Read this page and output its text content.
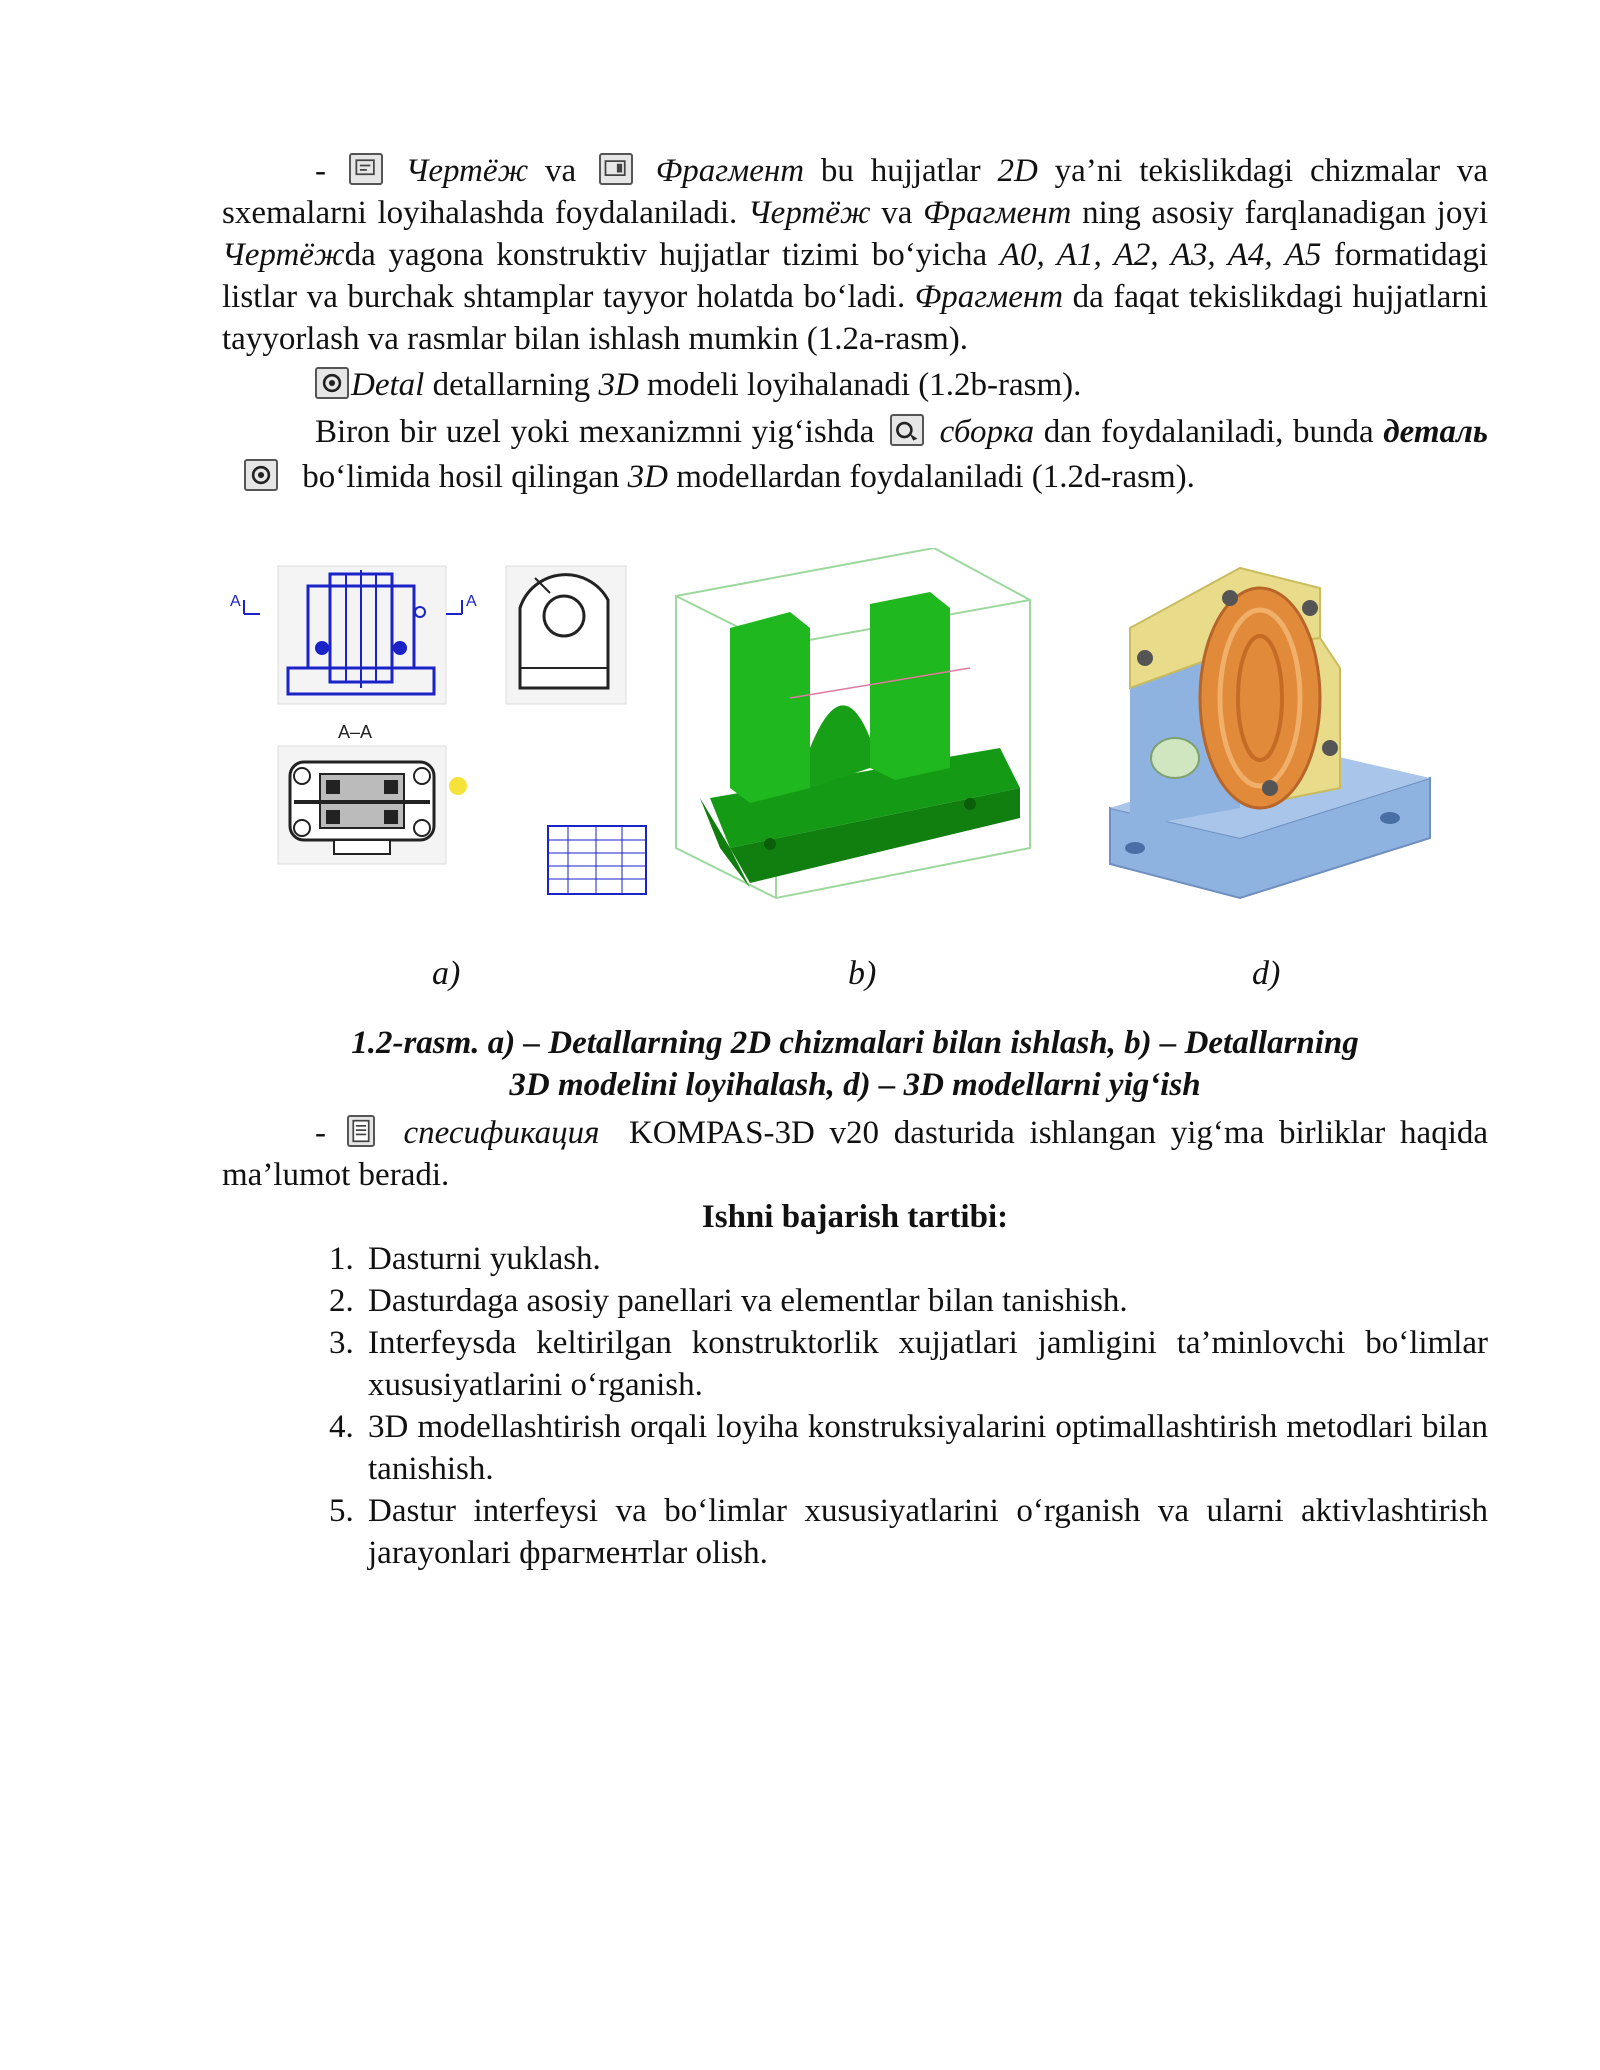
- Чертёж va Фрагмент bu hujjatlar 2D ya’ni tekislikdagi chizmalar va sxemalarni loyihalashda foydalaniladi. Чертёж va Фрагмент ning asosiy farqlanadigan joyi Чертёжda yagona konstruktiv hujjatlar tizimi bo‘yicha A0, A1, A2, A3, A4, A5 formatidagi listlar va burchak shtamplar tayyor holatda bo‘ladi. Фрагмент da faqat tekislikdagi hujjatlarni tayyorlash va rasmlar bilan ishlash mumkin (1.2a-rasm).

Detal detallarning 3D modeli loyihalanadi (1.2b-rasm).

Biron bir uzel yoki mexanizmni yig‘ishda сборка dan foydalaniladi, bunda деталь
bo‘limida hosil qilingan 3D modellardan foydalaniladi (1.2d-rasm).

A	A
A–A
a)	b)	d)
1.2-rasm. a) – Detallarning 2D chizmalari bilan ishlash, b) – Detallarning
3D modelini loyihalash, d) – 3D modellarni yig‘ish

- спесификация KOMPAS-3D v20 dasturida ishlangan yig‘ma birliklar haqida ma’lumot beradi.

Ishni bajarish tartibi:

1. Dasturni yuklash.
2. Dasturdaga asosiy panellari va elementlar bilan tanishish.
3. Interfeysda keltirilgan konstruktorlik xujjatlari jamligini ta’minlovchi bo‘limlar xususiyatlarini o‘rganish.
4. 3D modellashtirish orqali loyiha konstruksiyalarini optimallashtirish metodlari bilan tanishish.
5. Dastur interfeysi va bo‘limlar xususiyatlarini o‘rganish va ularni aktivlashtirish jarayonlari фрагментlar olish.
